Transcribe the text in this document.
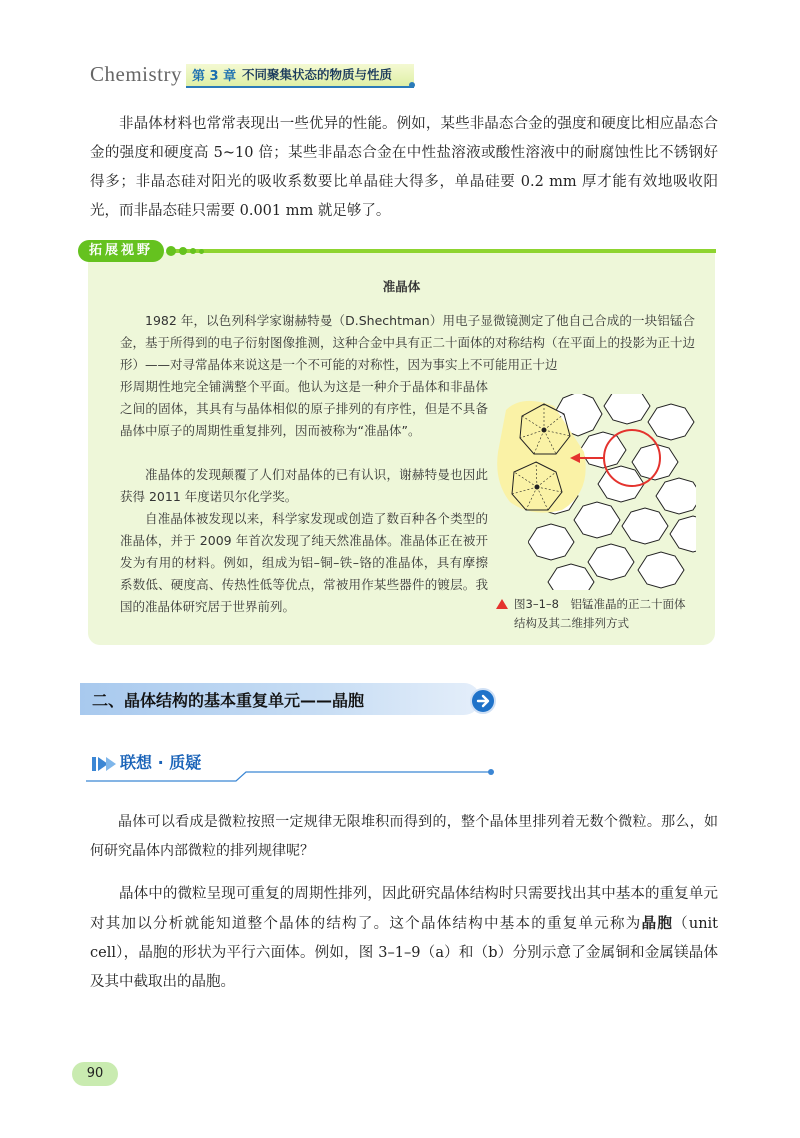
Chemistry 第 3 章 不同聚集状态的物质与性质

非晶体材料也常常表现出一些优异的性能。例如，某些非晶态合金的强度和硬度比相应晶态合金的强度和硬度高 5~10 倍；某些非晶态合金在中性盐溶液或酸性溶液中的耐腐蚀性比不锈钢好得多；非晶态硅对阳光的吸收系数要比单晶硅大得多，单晶硅要 0.2 mm 厚才能有效地吸收阳光，而非晶态硅只需要 0.001 mm 就足够了。

拓展视野
准晶体

1982 年，以色列科学家谢赫特曼（D.Shechtman）用电子显微镜测定了他自己合成的一块铝锰合金，基于所得到的电子衍射图像推测，这种合金中具有正二十面体的对称结构（在平面上的投影为正十边形）——对寻常晶体来说这是一个不可能的对称性，因为事实上不可能用正十边

形周期性地完全铺满整个平面。他认为这是一种介于晶体和非晶体之间的固体，其具有与晶体相似的原子排列的有序性，但是不具备晶体中原子的周期性重复排列，因而被称为“准晶体”。

准晶体的发现颠覆了人们对晶体的已有认识，谢赫特曼也因此获得 2011 年度诺贝尔化学奖。

自准晶体被发现以来，科学家发现或创造了数百种各个类型的准晶体，并于 2009 年首次发现了纯天然准晶体。准晶体正在被开发为有用的材料。例如，组成为铝–铜–铁–铬的准晶体，具有摩擦系数低、硬度高、传热性低等优点，常被用作某些器件的镀层。我国的准晶体研究居于世界前列。	图3–1–8　铝锰准晶的正二十面体
结构及其二维排列方式
二、晶体结构的基本重复单元——晶胞
联想 · 质疑

晶体可以看成是微粒按照一定规律无限堆积而得到的，整个晶体里排列着无数个微粒。那么，如何研究晶体内部微粒的排列规律呢？

晶体中的微粒呈现可重复的周期性排列，因此研究晶体结构时只需要找出其中基本的重复单元对其加以分析就能知道整个晶体的结构了。这个晶体结构中基本的重复单元称为晶胞（unit cell），晶胞的形状为平行六面体。例如，图 3–1–9（a）和（b）分别示意了金属铜和金属镁晶体及其中截取出的晶胞。

90
